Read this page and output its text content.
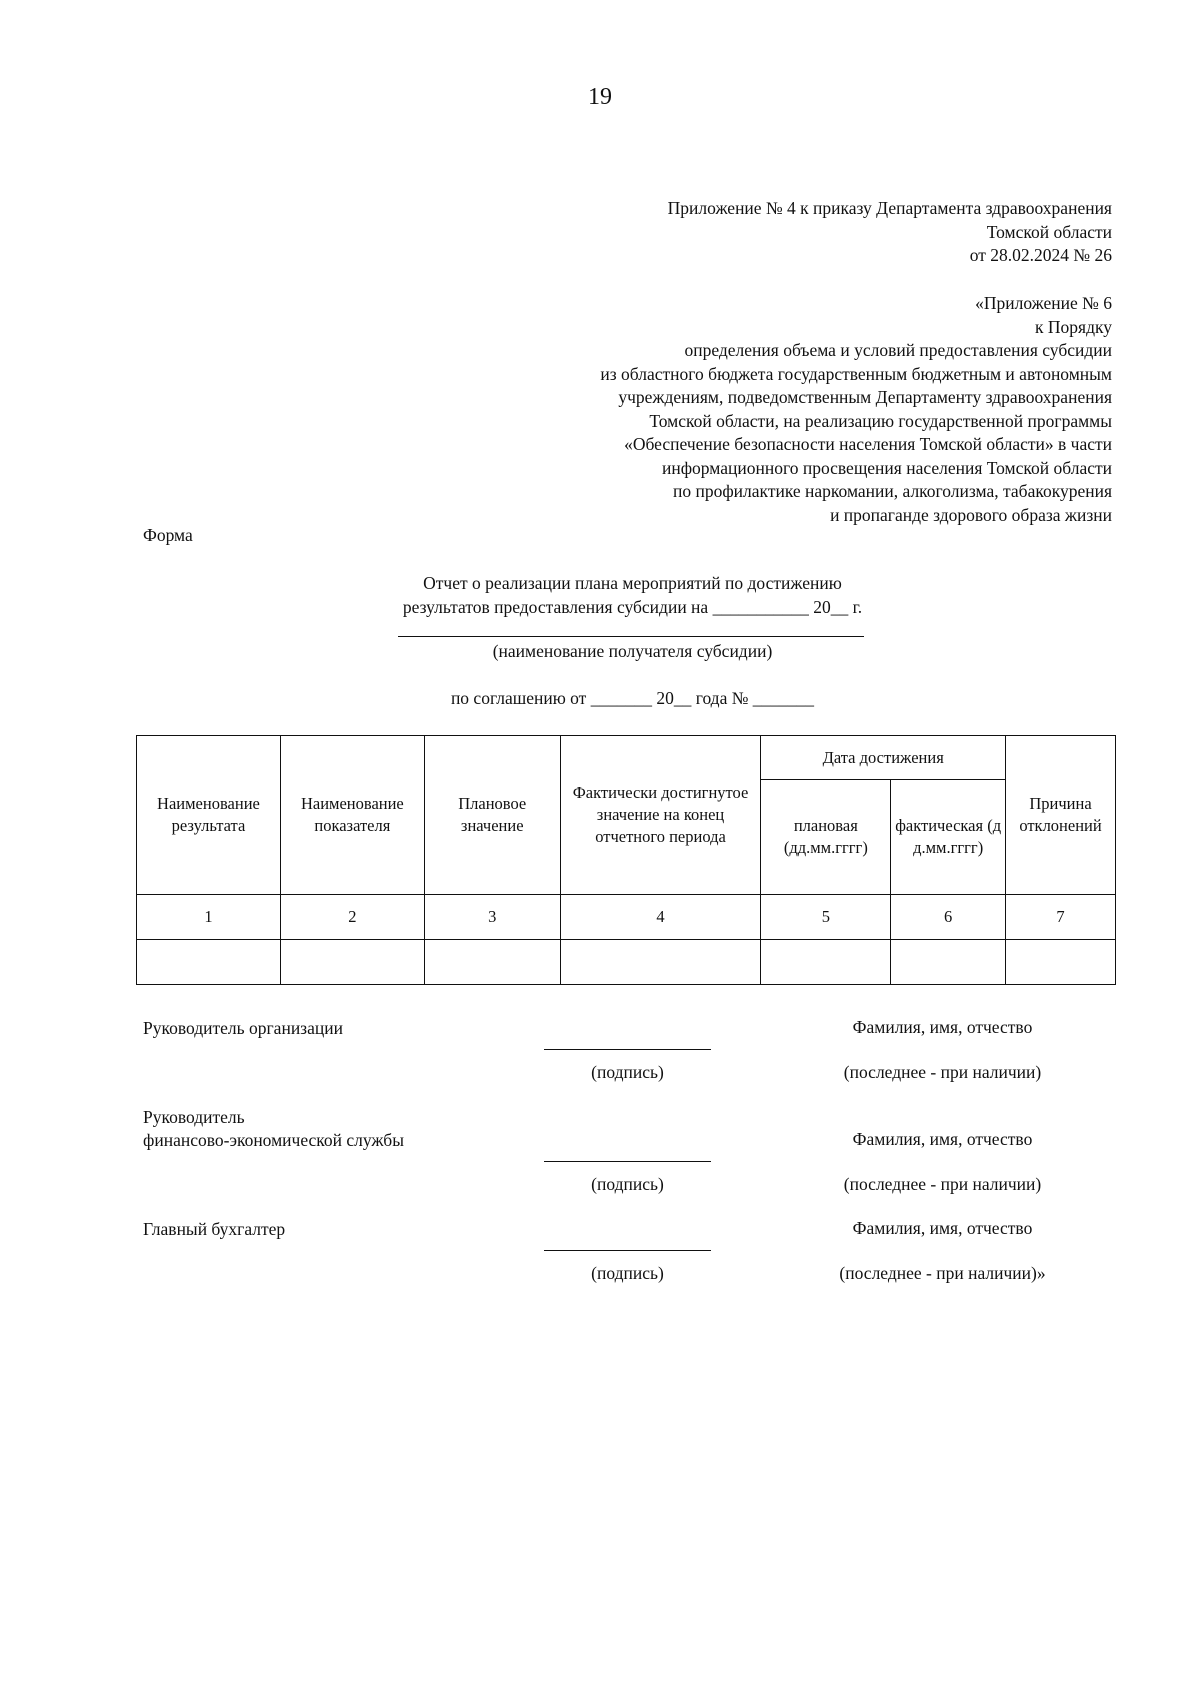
19
Приложение № 4 к приказу Департамента здравоохранения
Томской области
от 28.02.2024 № 26
«Приложение № 6
к Порядку
определения объема и условий предоставления субсидии
из областного бюджета государственным бюджетным и автономным
учреждениям, подведомственным Департаменту здравоохранения
Томской области, на реализацию государственной программы
«Обеспечение безопасности населения Томской области» в части
информационного просвещения населения Томской области
по профилактике наркомании, алкоголизма, табакокурения
и пропаганде здорового образа жизни
Форма
Отчет о реализации плана мероприятий по достижению
результатов предоставления субсидии на ___________ 20__ г.
(наименование получателя субсидии)
по соглашению от _______ 20__ года № _______
Наименование результата	Наименование показателя	Плановое значение	Фактически достигнутое значение на конец отчетного периода	Дата достижения		Причина отклонений
				плановая (дд.мм.гггг)	фактическая (дд.мм.гггг)	
1	2	3	4	5	6	7

Руководитель организации
(подпись)
Фамилия, имя, отчество
(последнее - при наличии)
Руководитель
финансово-экономической службы
(подпись)
Фамилия, имя, отчество
(последнее - при наличии)
Главный бухгалтер
(подпись)
Фамилия, имя, отчество
(последнее - при наличии)»
